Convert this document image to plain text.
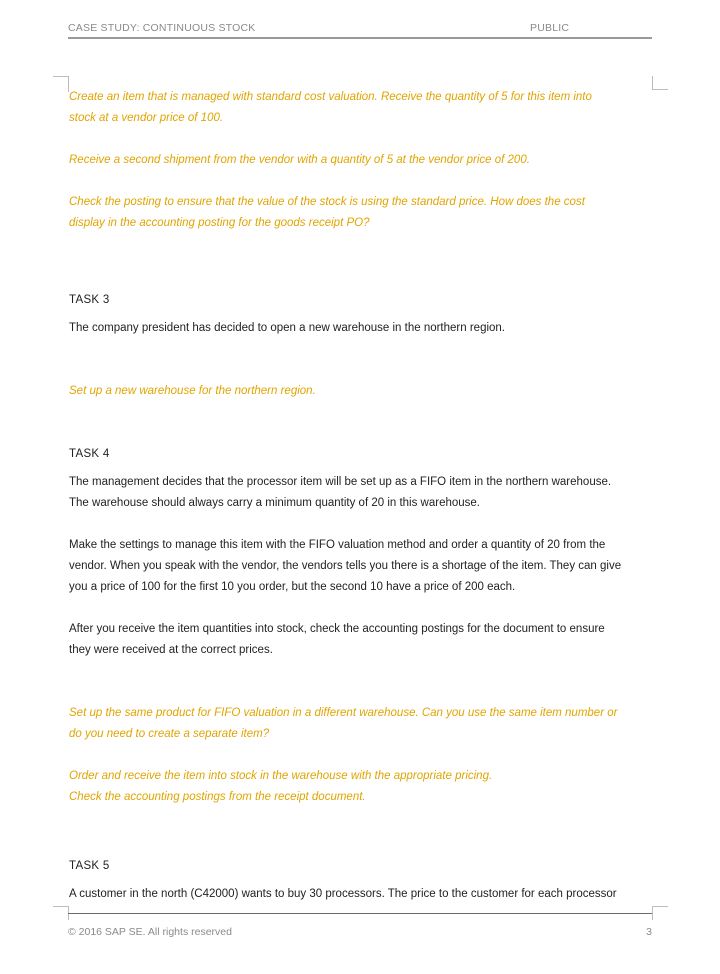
CASE STUDY: CONTINUOUS STOCK	PUBLIC

Create an item that is managed with standard cost valuation. Receive the quantity of 5 for this item into

stock at a vendor price of 100.

Receive a second shipment from the vendor with a quantity of 5 at the vendor price of 200.

Check the posting to ensure that the value of the stock is using the standard price. How does the cost

display in the accounting posting for the goods receipt PO?

TASK 3

The company president has decided to open a new warehouse in the northern region.

Set up a new warehouse for the northern region.

TASK 4

The management decides that the processor item will be set up as a FIFO item in the northern warehouse.

The warehouse should always carry a minimum quantity of 20 in this warehouse.

Make the settings to manage this item with the FIFO valuation method and order a quantity of 20 from the

vendor. When you speak with the vendor, the vendors tells you there is a shortage of the item. They can give

you a price of 100 for the first 10 you order, but the second 10 have a price of 200 each.

After you receive the item quantities into stock, check the accounting postings for the document to ensure

they were received at the correct prices.

Set up the same product for FIFO valuation in a different warehouse. Can you use the same item number or

do you need to create a separate item?

Order and receive the item into stock in the warehouse with the appropriate pricing.

Check the accounting postings from the receipt document.

TASK 5

A customer in the north (C42000) wants to buy 30 processors. The price to the customer for each processor

© 2016 SAP SE. All rights reserved	3
